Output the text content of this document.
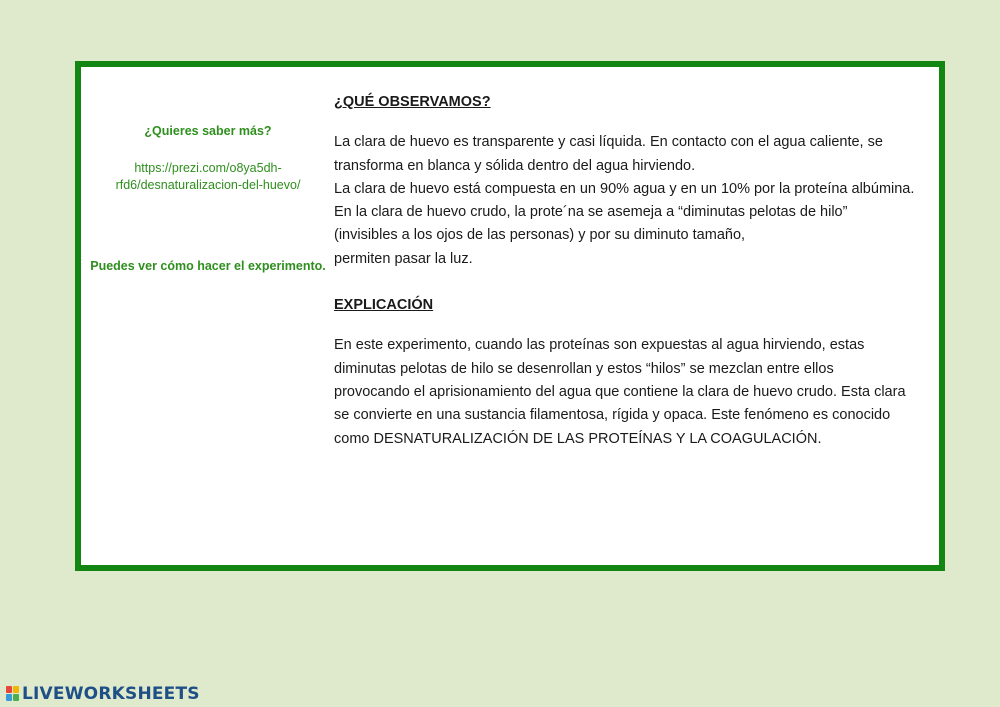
¿Quieres saber más?
https://prezi.com/o8ya5dh-
rfd6/desnaturalizacion-del-huevo/
Puedes ver cómo hacer el experimento.

¿QUÉ OBSERVAMOS?

La clara de huevo es transparente y casi líquida. En contacto con el agua caliente, se
transforma en blanca y sólida dentro del agua hirviendo.
La clara de huevo está compuesta en un 90% agua y en un 10% por la proteína albúmina.
En la clara de huevo crudo, la prote´na se asemeja a “diminutas pelotas de hilo”
(invisibles a los ojos de las personas) y por su diminuto tamaño,
permiten pasar la luz.

EXPLICACIÓN

En este experimento, cuando las proteínas son expuestas al agua hirviendo, estas
diminutas pelotas de hilo se desenrollan y estos “hilos” se mezclan entre ellos
provocando el aprisionamiento del agua que contiene la clara de huevo crudo. Esta clara
se convierte en una sustancia filamentosa, rígida y opaca. Este fenómeno es conocido
como DESNATURALIZACIÓN DE LAS PROTEÍNAS Y LA COAGULACIÓN.

LIVEWORKSHEETS
